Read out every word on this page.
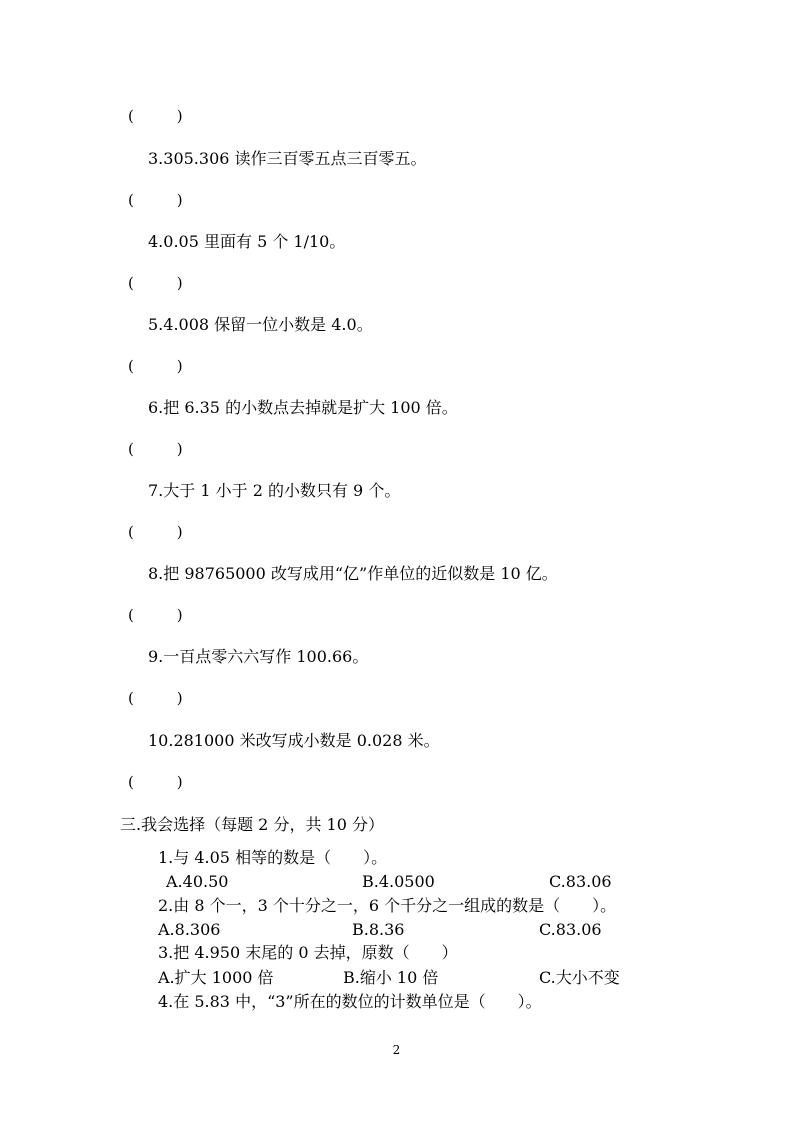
(         )
3.305.306 读作三百零五点三百零五。
(         )
4.0.05 里面有 5 个 1/10。
(         )
5.4.008 保留一位小数是 4.0。
(         )
6.把 6.35 的小数点去掉就是扩大 100 倍。
(         )
7.大于 1 小于 2 的小数只有 9 个。
(         )
8.把 98765000 改写成用“亿”作单位的近似数是 10 亿。
(         )
9.一百点零六六写作 100.66。
(         )
10.281000 米改写成小数是 0.028 米。
(         )
三.我会选择（每题 2 分，共 10 分）
1.与 4.05 相等的数是（　　）。
A.40.50	B.4.0500	C.83.06
2.由 8 个一，3 个十分之一，6 个千分之一组成的数是（　　）。
A.8.306	B.8.36	C.83.06
3.把 4.950 末尾的 0 去掉，原数（　　）
A.扩大 1000 倍	B.缩小 10 倍	C.大小不变
4.在 5.83 中，“3”所在的数位的计数单位是（　　）。
2
